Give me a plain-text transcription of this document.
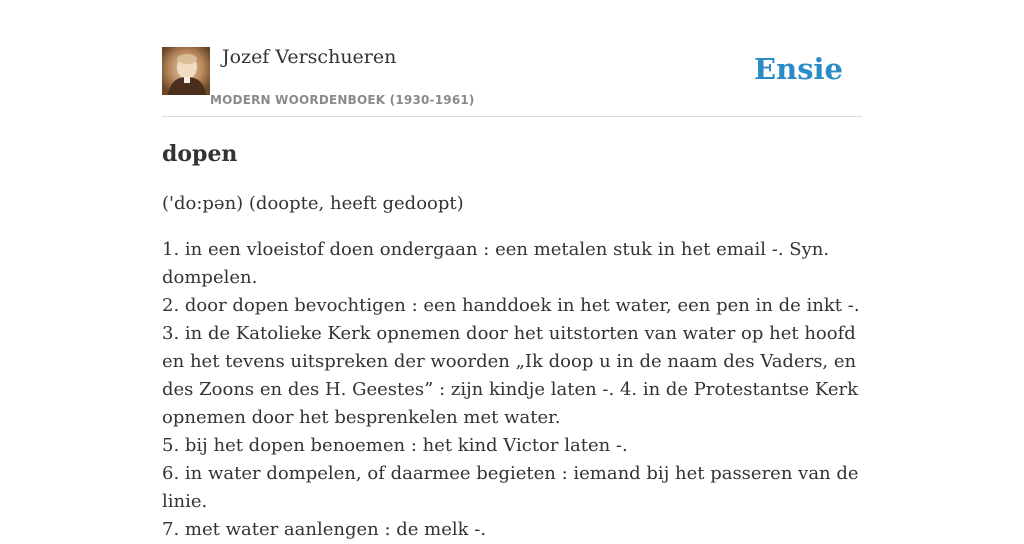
Jozef Verschueren
MODERN WOORDENBOEK (1930-1961)
Ensie
dopen

('do:pən) (doopte, heeft gedoopt)

1. in een vloeistof doen ondergaan : een metalen stuk in het email -. Syn. dompelen.

2. door dopen bevochtigen : een handdoek in het water, een pen in de inkt -.

3. in de Katolieke Kerk opnemen door het uitstorten van water op het hoofd en het tevens uitspreken der woorden „Ik doop u in de naam des Vaders, en des Zoons en des H. Geestes” : zijn kindje laten -. 4. in de Protestantse Kerk opnemen door het besprenkelen met water.

5. bij het dopen benoemen : het kind Victor laten -.

6. in water dompelen, of daarmee begieten : iemand bij het passeren van de linie.

7. met water aanlengen : de melk -.
